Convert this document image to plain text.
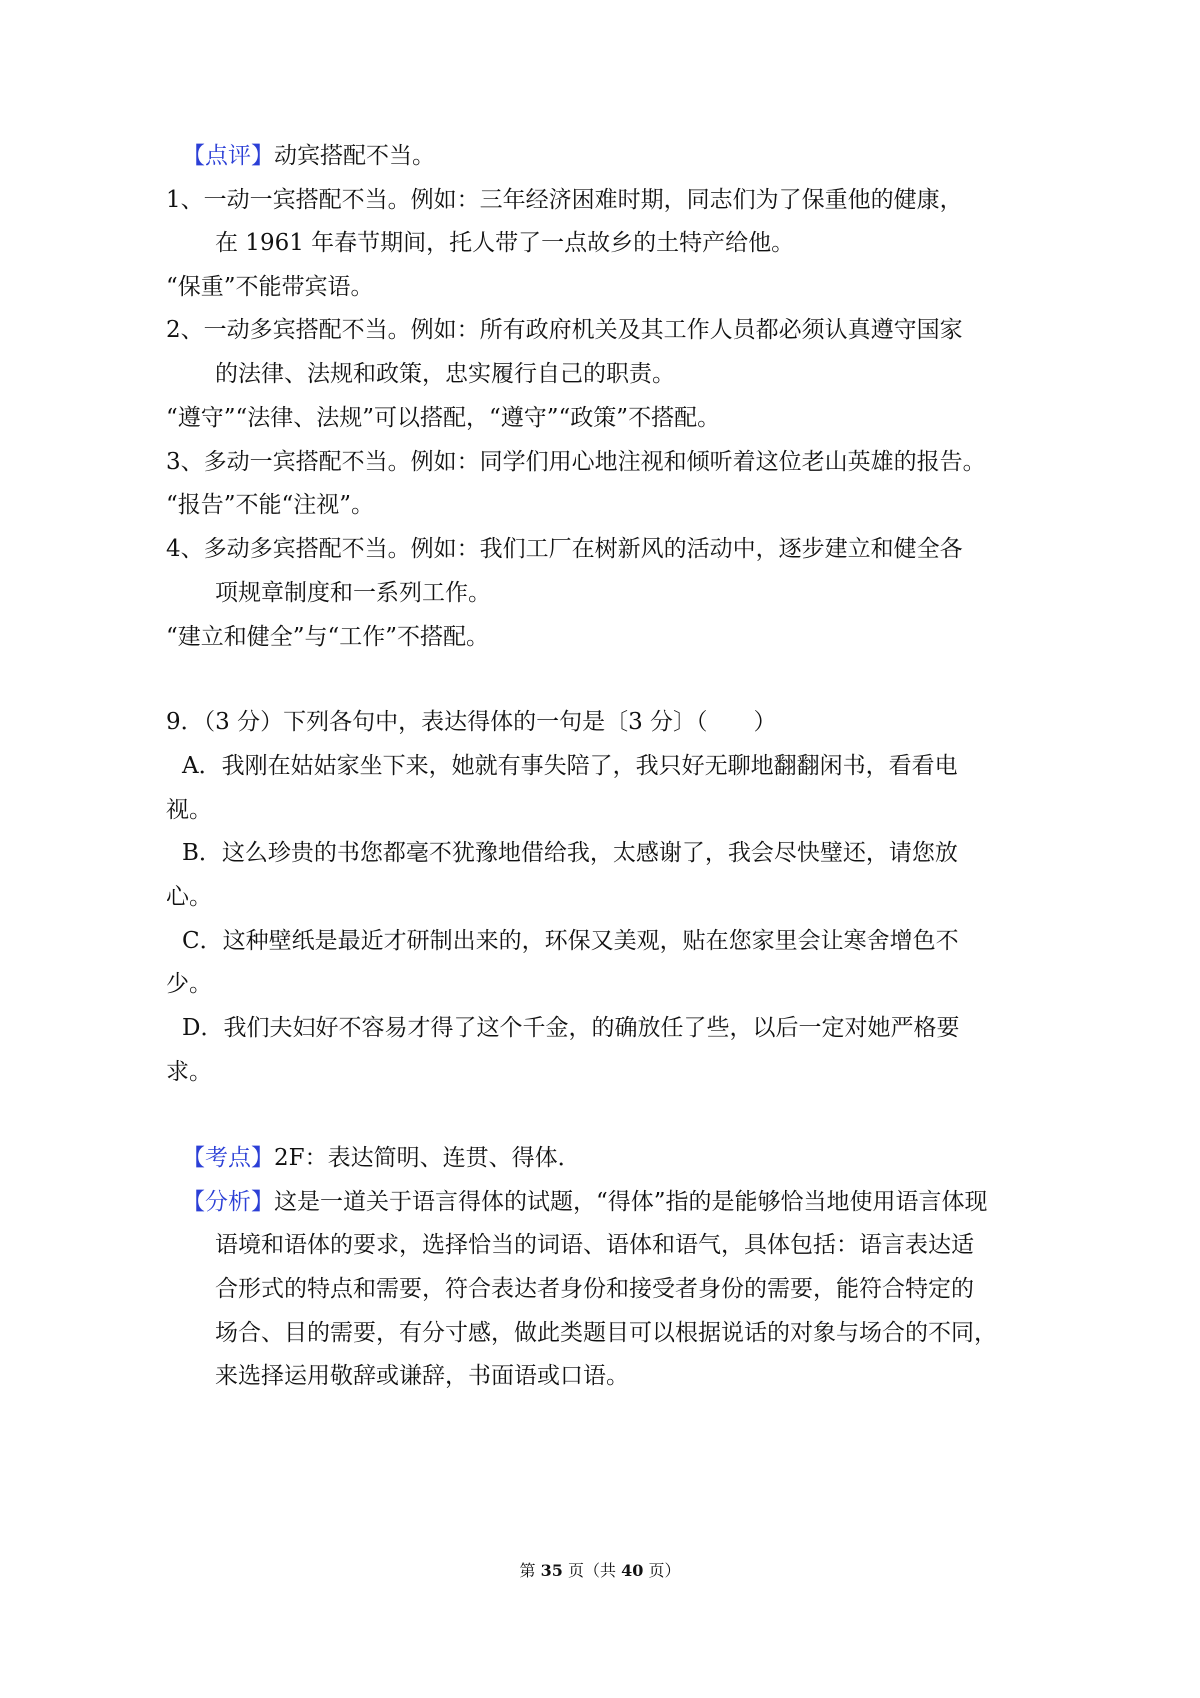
【点评】动宾搭配不当。
1、一动一宾搭配不当。例如：三年经济困难时期，同志们为了保重他的健康，
在 1961 年春节期间，托人带了一点故乡的土特产给他。
“保重”不能带宾语。
2、一动多宾搭配不当。例如：所有政府机关及其工作人员都必须认真遵守国家
的法律、法规和政策，忠实履行自己的职责。
“遵守”“法律、法规”可以搭配，“遵守”“政策”不搭配。
3、多动一宾搭配不当。例如：同学们用心地注视和倾听着这位老山英雄的报告。
“报告”不能“注视”。
4、多动多宾搭配不当。例如：我们工厂在树新风的活动中，逐步建立和健全各
项规章制度和一系列工作。
“建立和健全”与“工作”不搭配。
9．（3 分）下列各句中，表达得体的一句是〔3 分〕（　　）
A．我刚在姑姑家坐下来，她就有事失陪了，我只好无聊地翻翻闲书，看看电
视。
B．这么珍贵的书您都毫不犹豫地借给我，太感谢了，我会尽快璧还，请您放
心。
C．这种壁纸是最近才研制出来的，环保又美观，贴在您家里会让寒舍增色不
少。
D．我们夫妇好不容易才得了这个千金，的确放任了些，以后一定对她严格要
求。
【考点】2F：表达简明、连贯、得体．
【分析】这是一道关于语言得体的试题，“得体”指的是能够恰当地使用语言体现
语境和语体的要求，选择恰当的词语、语体和语气，具体包括：语言表达适
合形式的特点和需要，符合表达者身份和接受者身份的需要，能符合特定的
场合、目的需要，有分寸感，做此类题目可以根据说话的对象与场合的不同，
来选择运用敬辞或谦辞，书面语或口语。
第 35 页（共 40 页）
